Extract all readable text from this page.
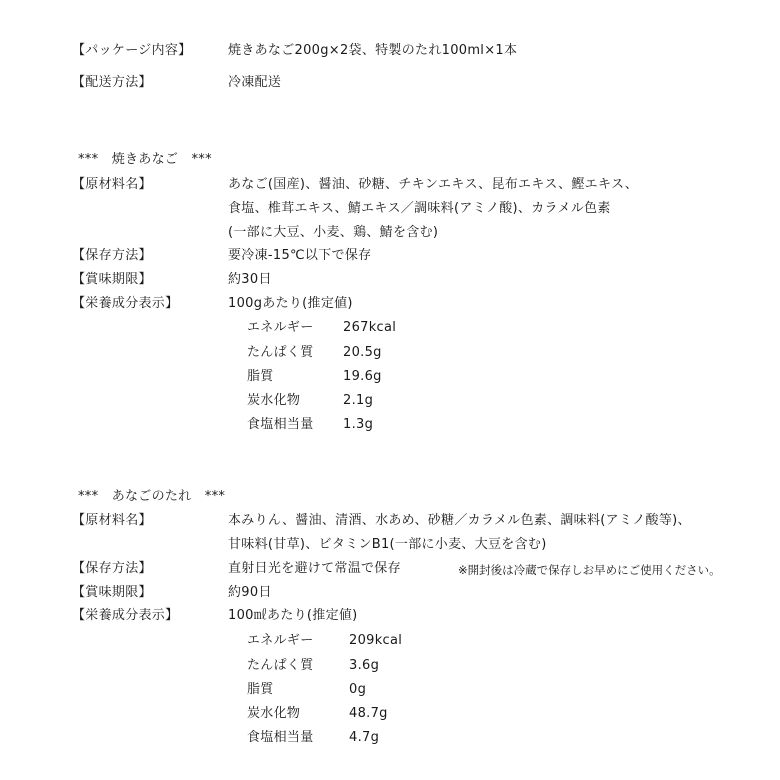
【パッケージ内容】	焼きあなご200g×2袋、特製のたれ100ml×1本
【配送方法】	冷凍配送
***　焼きあなご　***
【原材料名】	あなご(国産)、醤油、砂糖、チキンエキス、昆布エキス、鰹エキス、
食塩、椎茸エキス、鯖エキス／調味料(アミノ酸)、カラメル色素
(一部に大豆、小麦、鶏、鯖を含む)
【保存方法】	要冷凍-15℃以下で保存
【賞味期限】	約30日
【栄養成分表示】	100gあたり(推定値)
エネルギー 267kcal
たんぱく質 20.5g
脂質	19.6g
炭水化物	2.1g
食塩相当量 1.3g
***　あなごのたれ　***
【原材料名】	本みりん、醤油、清酒、水あめ、砂糖／カラメル色素、調味料(アミノ酸等)、
甘味料(甘草)、ビタミンB1(一部に小麦、大豆を含む)
【保存方法】	直射日光を避けて常温で保存	※開封後は冷蔵で保存しお早めにご使用ください。
【賞味期限】	約90日
【栄養成分表示】	100㎖あたり(推定値)
エネルギー	209kcal
たんぱく質	3.6g
脂質	0g
炭水化物	48.7g
食塩相当量	4.7g
